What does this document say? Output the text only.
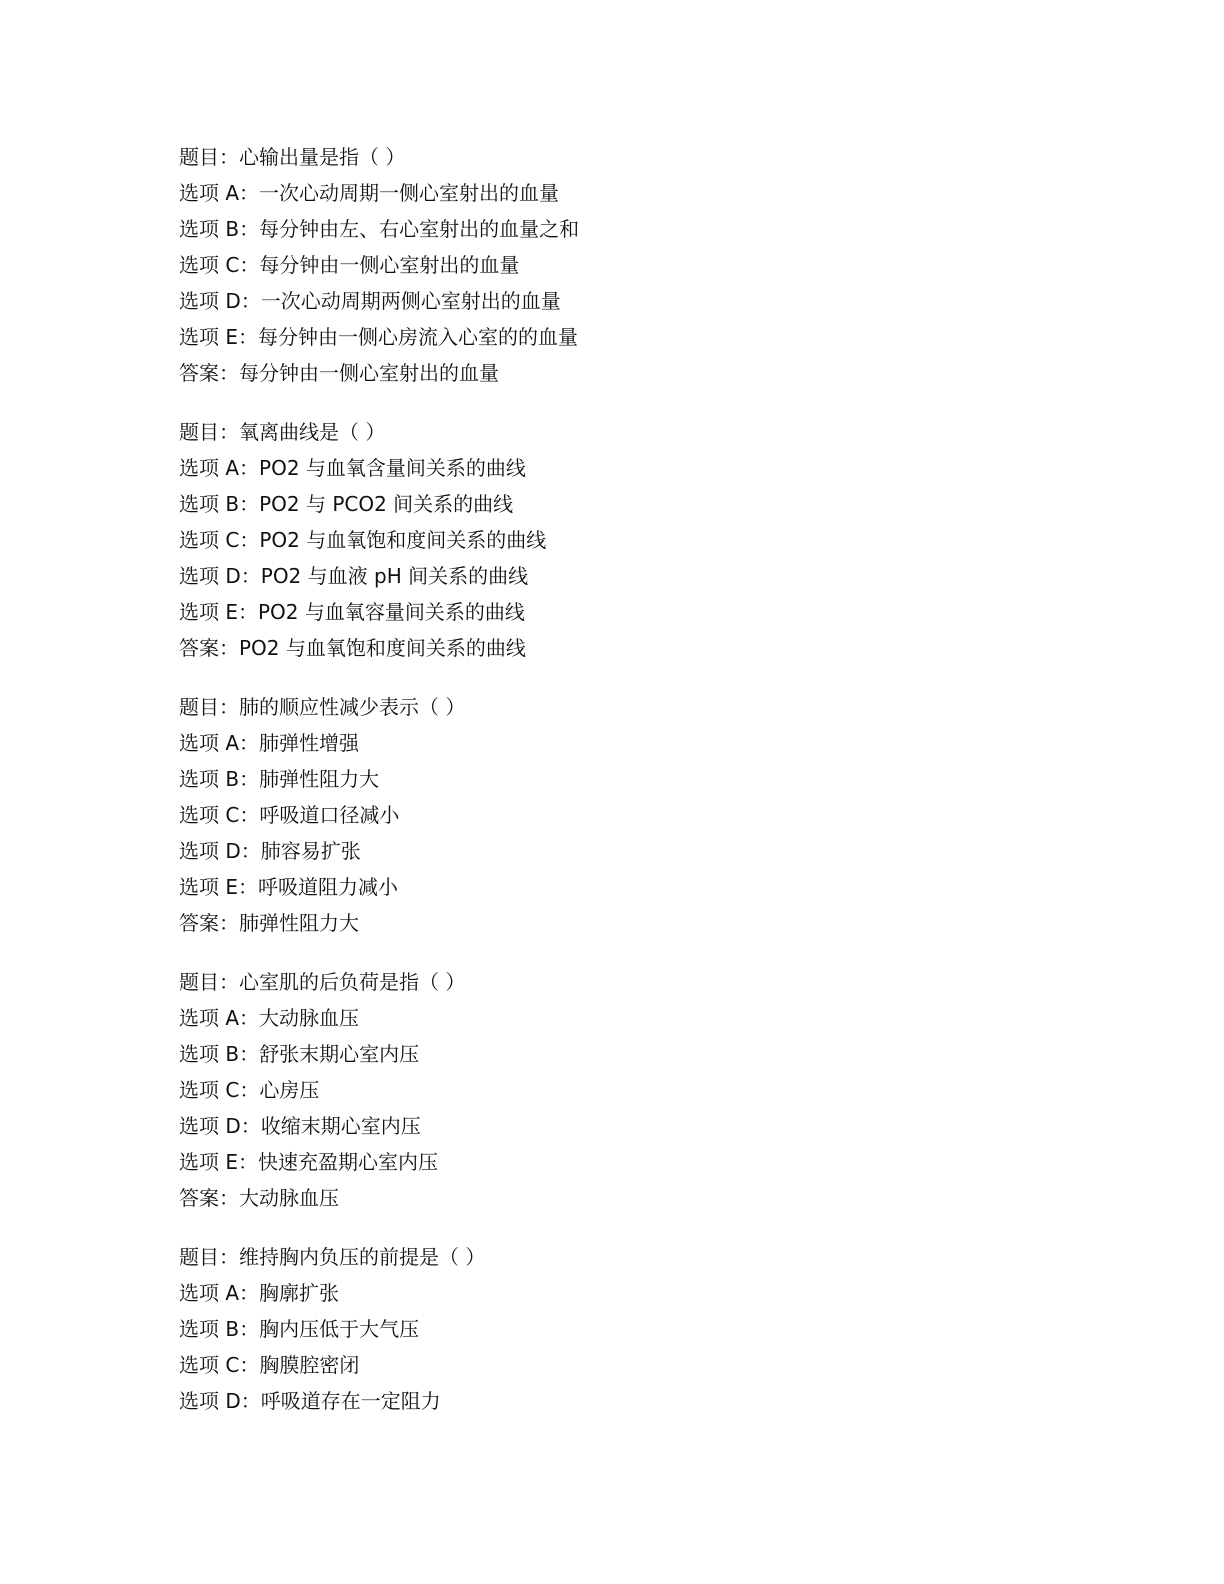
题目：心输出量是指（ ）
选项 A：一次心动周期一侧心室射出的血量
选项 B：每分钟由左、右心室射出的血量之和
选项 C：每分钟由一侧心室射出的血量
选项 D：一次心动周期两侧心室射出的血量
选项 E：每分钟由一侧心房流入心室的的血量
答案：每分钟由一侧心室射出的血量
题目：氧离曲线是（ ）
选项 A：PO2 与血氧含量间关系的曲线
选项 B：PO2 与 PCO2 间关系的曲线
选项 C：PO2 与血氧饱和度间关系的曲线
选项 D：PO2 与血液 pH 间关系的曲线
选项 E：PO2 与血氧容量间关系的曲线
答案：PO2 与血氧饱和度间关系的曲线
题目：肺的顺应性减少表示（ ）
选项 A：肺弹性增强
选项 B：肺弹性阻力大
选项 C：呼吸道口径减小
选项 D：肺容易扩张
选项 E：呼吸道阻力减小
答案：肺弹性阻力大
题目：心室肌的后负荷是指（ ）
选项 A：大动脉血压
选项 B：舒张末期心室内压
选项 C：心房压
选项 D：收缩末期心室内压
选项 E：快速充盈期心室内压
答案：大动脉血压
题目：维持胸内负压的前提是（ ）
选项 A：胸廓扩张
选项 B：胸内压低于大气压
选项 C：胸膜腔密闭
选项 D：呼吸道存在一定阻力
